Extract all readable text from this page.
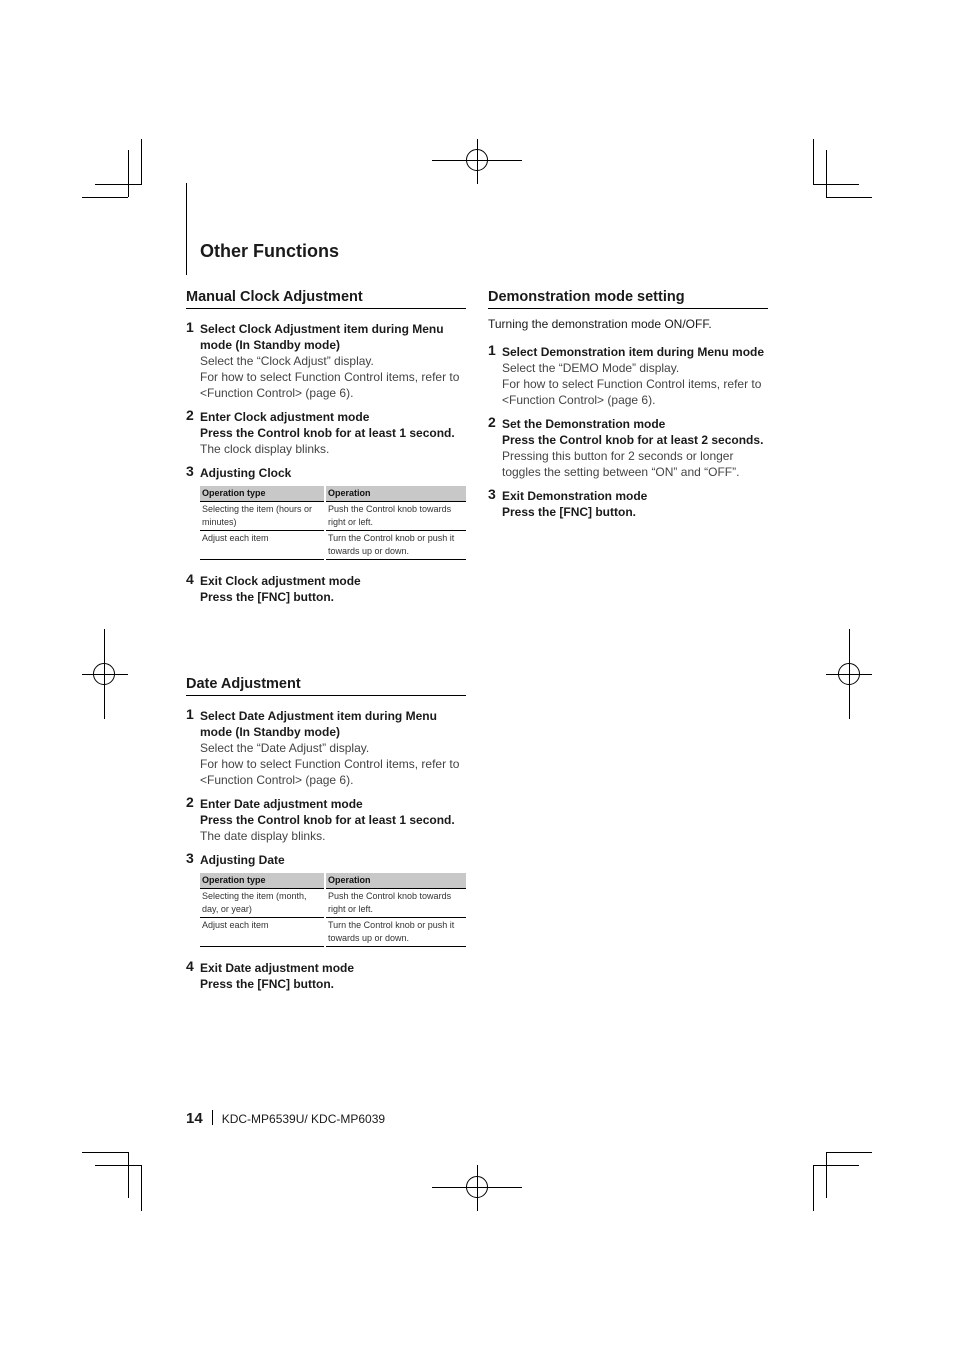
Other Functions
Manual Clock Adjustment
1 Select Clock Adjustment item during Menu mode (In Standby mode)
Select the “Clock Adjust” display.
For how to select Function Control items, refer to <Function Control> (page 6).
2 Enter Clock adjustment mode
Press the Control knob for at least 1 second.
The clock display blinks.
3 Adjusting Clock
Operation type	Operation
Selecting the item (hours or minutes)	Push the Control knob towards right or left.
Adjust each item	Turn the Control knob or push it towards up or down.
4 Exit Clock adjustment mode
Press the [FNC] button.
Date Adjustment
1 Select Date Adjustment item during Menu mode (In Standby mode)
Select the “Date Adjust” display.
For how to select Function Control items, refer to <Function Control> (page 6).
2 Enter Date adjustment mode
Press the Control knob for at least 1 second.
The date display blinks.
3 Adjusting Date
Operation type	Operation
Selecting the item (month, day, or year)	Push the Control knob towards right or left.
Adjust each item	Turn the Control knob or push it towards up or down.
4 Exit Date adjustment mode
Press the [FNC] button.
Demonstration mode setting

Turning the demonstration mode ON/OFF.

1 Select Demonstration item during Menu mode
Select the “DEMO Mode” display.
For how to select Function Control items, refer to <Function Control> (page 6).
2 Set the Demonstration mode
Press the Control knob for at least 2 seconds.
Pressing this button for 2 seconds or longer toggles the setting between “ON” and “OFF”.
3 Exit Demonstration mode
Press the [FNC] button.
14 KDC-MP6539U/ KDC-MP6039
